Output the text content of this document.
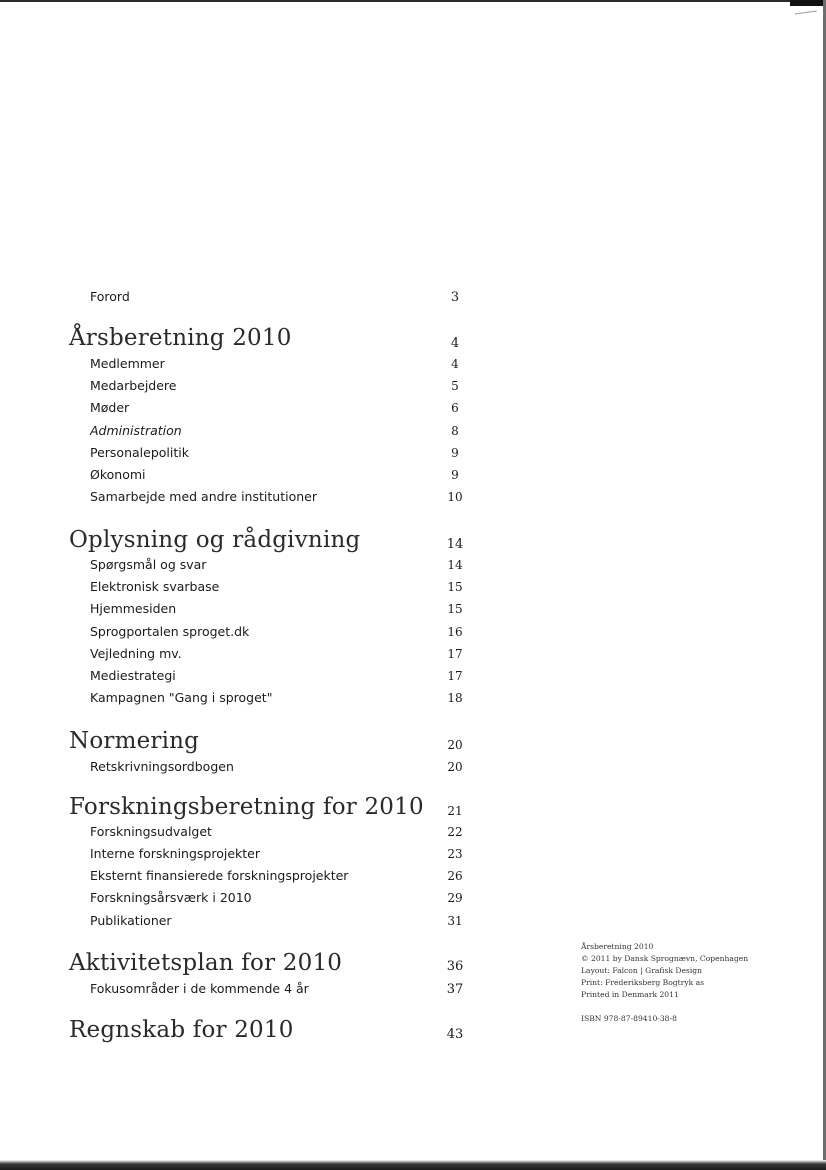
Forord	3
Årsberetning 2010	4
Medlemmer	4
Medarbejdere	5
Møder	6
Administration	8
Personalepolitik	9
Økonomi	9
Samarbejde med andre institutioner	10
Oplysning og rådgivning	14
Spørgsmål og svar	14
Elektronisk svarbase	15
Hjemmesiden	15
Sprogportalen sproget.dk	16
Vejledning mv.	17
Mediestrategi	17
Kampagnen "Gang i sproget"	18
Normering	20
Retskrivningsordbogen	20
Forskningsberetning for 2010	21
Forskningsudvalget	22
Interne forskningsprojekter	23
Eksternt finansierede forskningsprojekter	26
Forskningsårsværk i 2010	29
Publikationer	31
Aktivitetsplan for 2010	36
Fokusområder i de kommende 4 år	37
Regnskab for 2010	43
Årsberetning 2010
© 2011 by Dansk Sprognævn, Copenhagen
Layout: Falcon | Grafisk Design
Print: Frederiksberg Bogtryk as
Printed in Denmark 2011
ISBN 978-87-89410-38-8
